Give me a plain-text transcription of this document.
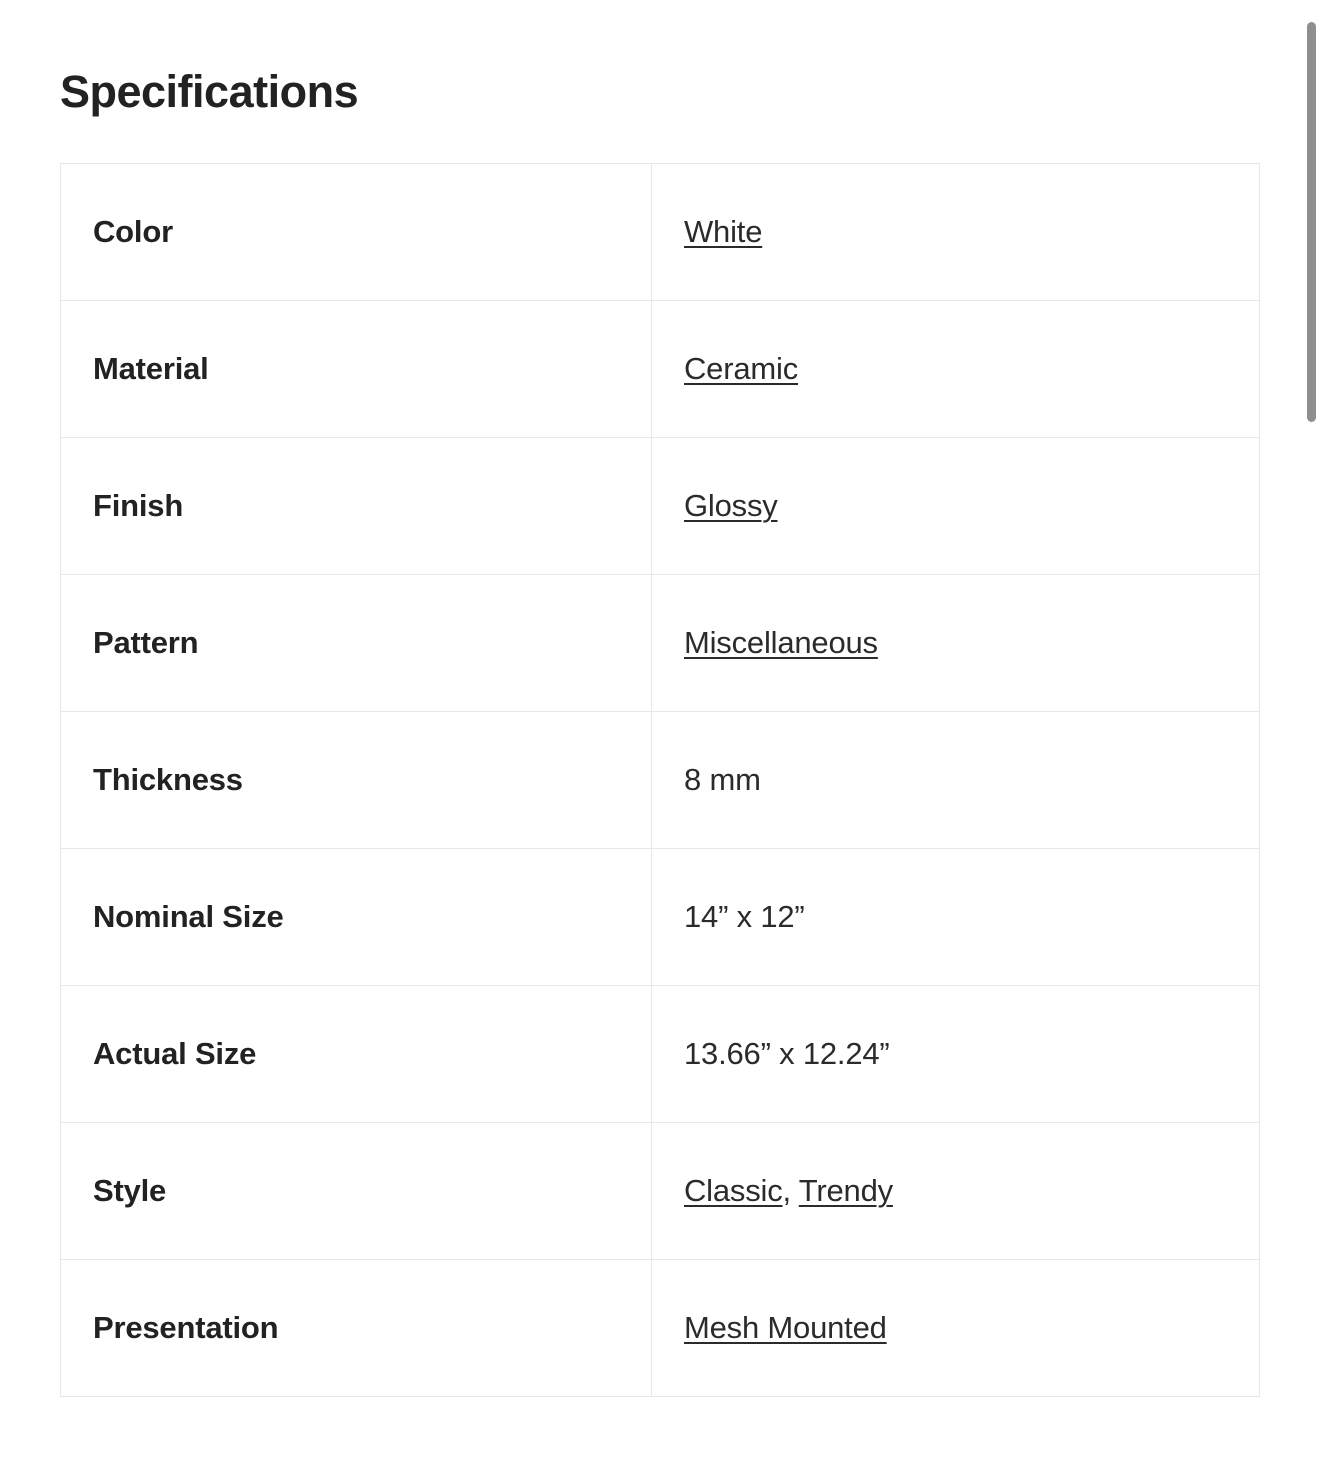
Specifications
Color	White
Material	Ceramic
Finish	Glossy
Pattern	Miscellaneous
Thickness	8 mm
Nominal Size	14” x 12”
Actual Size	13.66” x 12.24”
Style	Classic, Trendy
Presentation	Mesh Mounted
